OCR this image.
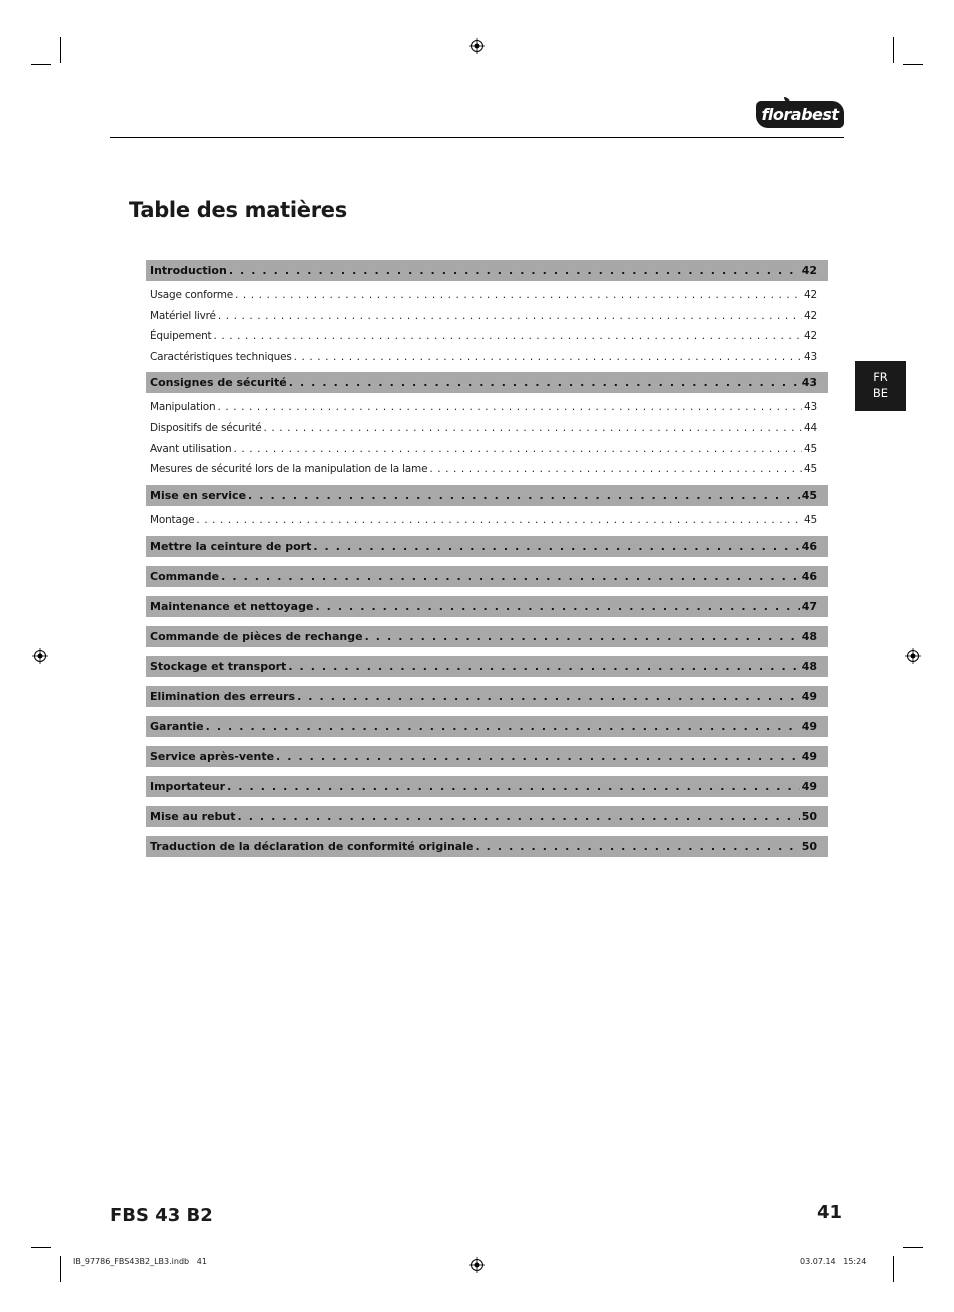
florabest
Table des matières
FR
BE
Introduction . . .	42
Usage conforme . . .	42
Matériel livré . . .	42
Équipement . . .	42
Caractéristiques techniques . . .	43
Consignes de sécurité . . .	43
Manipulation . . .	43
Dispositifs de sécurité . . .	44
Avant utilisation . . .	45
Mesures de sécurité lors de la manipulation de la lame . . .	45
Mise en service . . .	45
Montage . . .	45
Mettre la ceinture de port . . .	46
Commande . . .	46
Maintenance et nettoyage . . .	47
Commande de pièces de rechange . . .	48
Stockage et transport . . .	48
Elimination des erreurs . . .	49
Garantie . . .	49
Service après-vente . . .	49
Importateur . . .	49
Mise au rebut . . .	50
Traduction de la déclaration de conformité originale . . .	50
FBS 43 B2	41
IB_97786_FBS43B2_LB3.indb   41	03.07.14   15:24
